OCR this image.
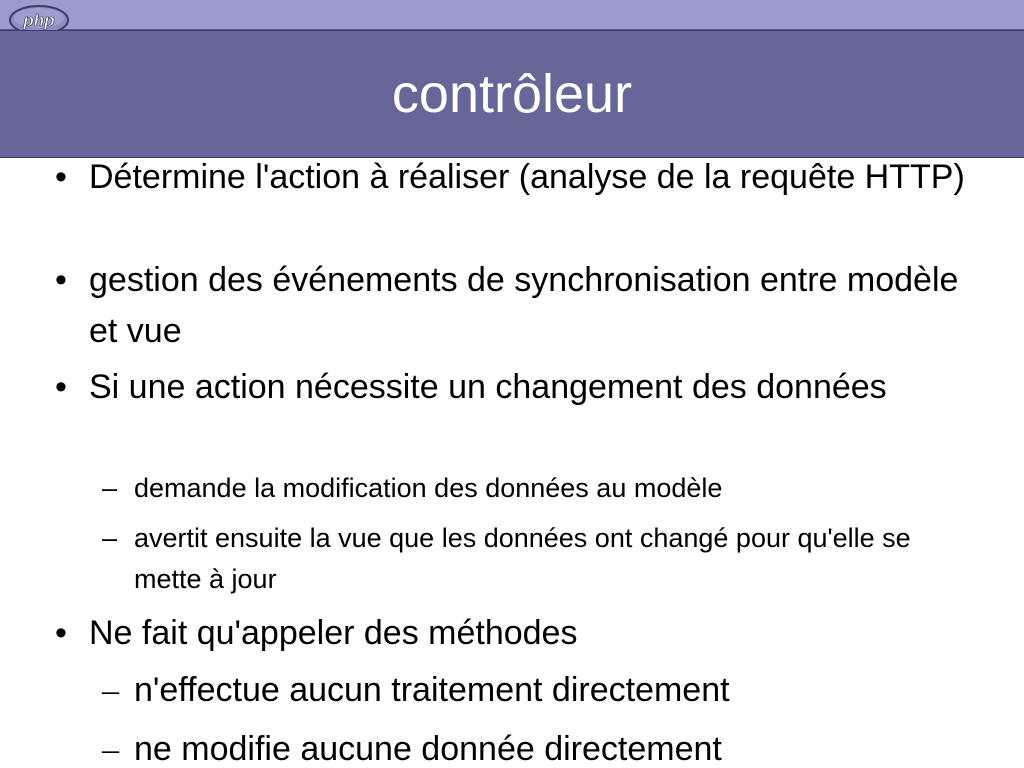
php
contrôleur
• Détermine l'action à réaliser (analyse de la requête HTTP)
• gestion des événements de synchronisation entre modèle et vue
• Si une action nécessite un changement des données
– demande la modification des données au modèle
– avertit ensuite la vue que les données ont changé pour qu'elle se mette à jour
• Ne fait qu'appeler des méthodes
– n'effectue aucun traitement directement
– ne modifie aucune donnée directement
